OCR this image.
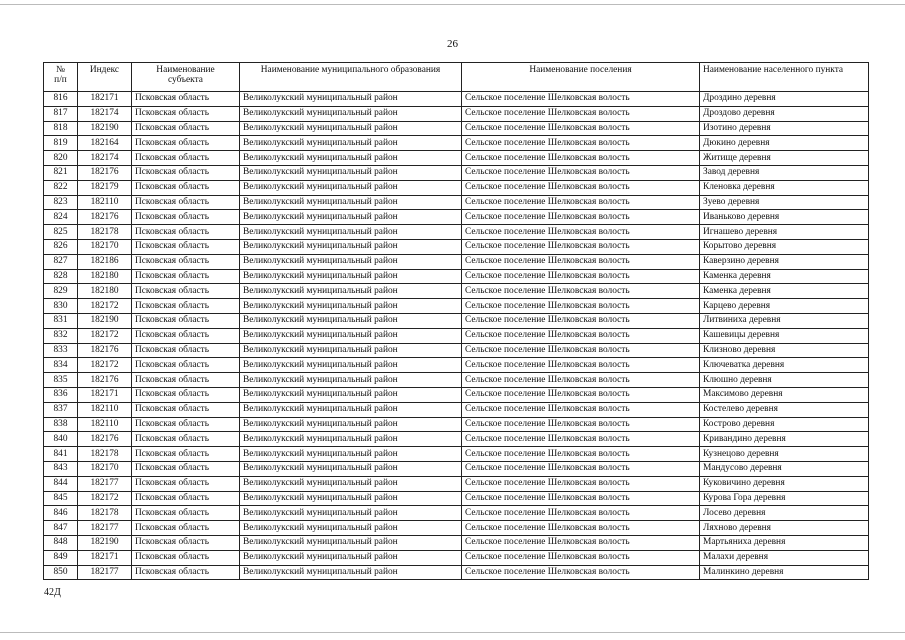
26
№
п/п	Индекс	Наименование
субъекта	Наименование муниципального образования	Наименование поселения	Наименование населенного пункта
816	182171	Псковская область	Великолукский муниципальный район	Сельское поселение Шелковская волость	Дроздино деревня
817	182174	Псковская область	Великолукский муниципальный район	Сельское поселение Шелковская волость	Дроздово деревня
818	182190	Псковская область	Великолукский муниципальный район	Сельское поселение Шелковская волость	Изотино деревня
819	182164	Псковская область	Великолукский муниципальный район	Сельское поселение Шелковская волость	Дюкино деревня
820	182174	Псковская область	Великолукский муниципальный район	Сельское поселение Шелковская волость	Житище деревня
821	182176	Псковская область	Великолукский муниципальный район	Сельское поселение Шелковская волость	Завод деревня
822	182179	Псковская область	Великолукский муниципальный район	Сельское поселение Шелковская волость	Кленовка деревня
823	182110	Псковская область	Великолукский муниципальный район	Сельское поселение Шелковская волость	Зуево деревня
824	182176	Псковская область	Великолукский муниципальный район	Сельское поселение Шелковская волость	Иваньково деревня
825	182178	Псковская область	Великолукский муниципальный район	Сельское поселение Шелковская волость	Игнашево деревня
826	182170	Псковская область	Великолукский муниципальный район	Сельское поселение Шелковская волость	Корытово деревня
827	182186	Псковская область	Великолукский муниципальный район	Сельское поселение Шелковская волость	Каверзино деревня
828	182180	Псковская область	Великолукский муниципальный район	Сельское поселение Шелковская волость	Каменка деревня
829	182180	Псковская область	Великолукский муниципальный район	Сельское поселение Шелковская волость	Каменка деревня
830	182172	Псковская область	Великолукский муниципальный район	Сельское поселение Шелковская волость	Карцево деревня
831	182190	Псковская область	Великолукский муниципальный район	Сельское поселение Шелковская волость	Литвиниха деревня
832	182172	Псковская область	Великолукский муниципальный район	Сельское поселение Шелковская волость	Кашевицы деревня
833	182176	Псковская область	Великолукский муниципальный район	Сельское поселение Шелковская волость	Клизново деревня
834	182172	Псковская область	Великолукский муниципальный район	Сельское поселение Шелковская волость	Ключеватка деревня
835	182176	Псковская область	Великолукский муниципальный район	Сельское поселение Шелковская волость	Клюшно деревня
836	182171	Псковская область	Великолукский муниципальный район	Сельское поселение Шелковская волость	Максимово деревня
837	182110	Псковская область	Великолукский муниципальный район	Сельское поселение Шелковская волость	Костелево деревня
838	182110	Псковская область	Великолукский муниципальный район	Сельское поселение Шелковская волость	Кострово деревня
840	182176	Псковская область	Великолукский муниципальный район	Сельское поселение Шелковская волость	Кривандино деревня
841	182178	Псковская область	Великолукский муниципальный район	Сельское поселение Шелковская волость	Кузнецово деревня
843	182170	Псковская область	Великолукский муниципальный район	Сельское поселение Шелковская волость	Мандусово деревня
844	182177	Псковская область	Великолукский муниципальный район	Сельское поселение Шелковская волость	Куковичино деревня
845	182172	Псковская область	Великолукский муниципальный район	Сельское поселение Шелковская волость	Курова Гора деревня
846	182178	Псковская область	Великолукский муниципальный район	Сельское поселение Шелковская волость	Лосево деревня
847	182177	Псковская область	Великолукский муниципальный район	Сельское поселение Шелковская волость	Ляхново деревня
848	182190	Псковская область	Великолукский муниципальный район	Сельское поселение Шелковская волость	Мартьяниха деревня
849	182171	Псковская область	Великолукский муниципальный район	Сельское поселение Шелковская волость	Малахи деревня
850	182177	Псковская область	Великолукский муниципальный район	Сельское поселение Шелковская волость	Малинкино деревня
42Д
